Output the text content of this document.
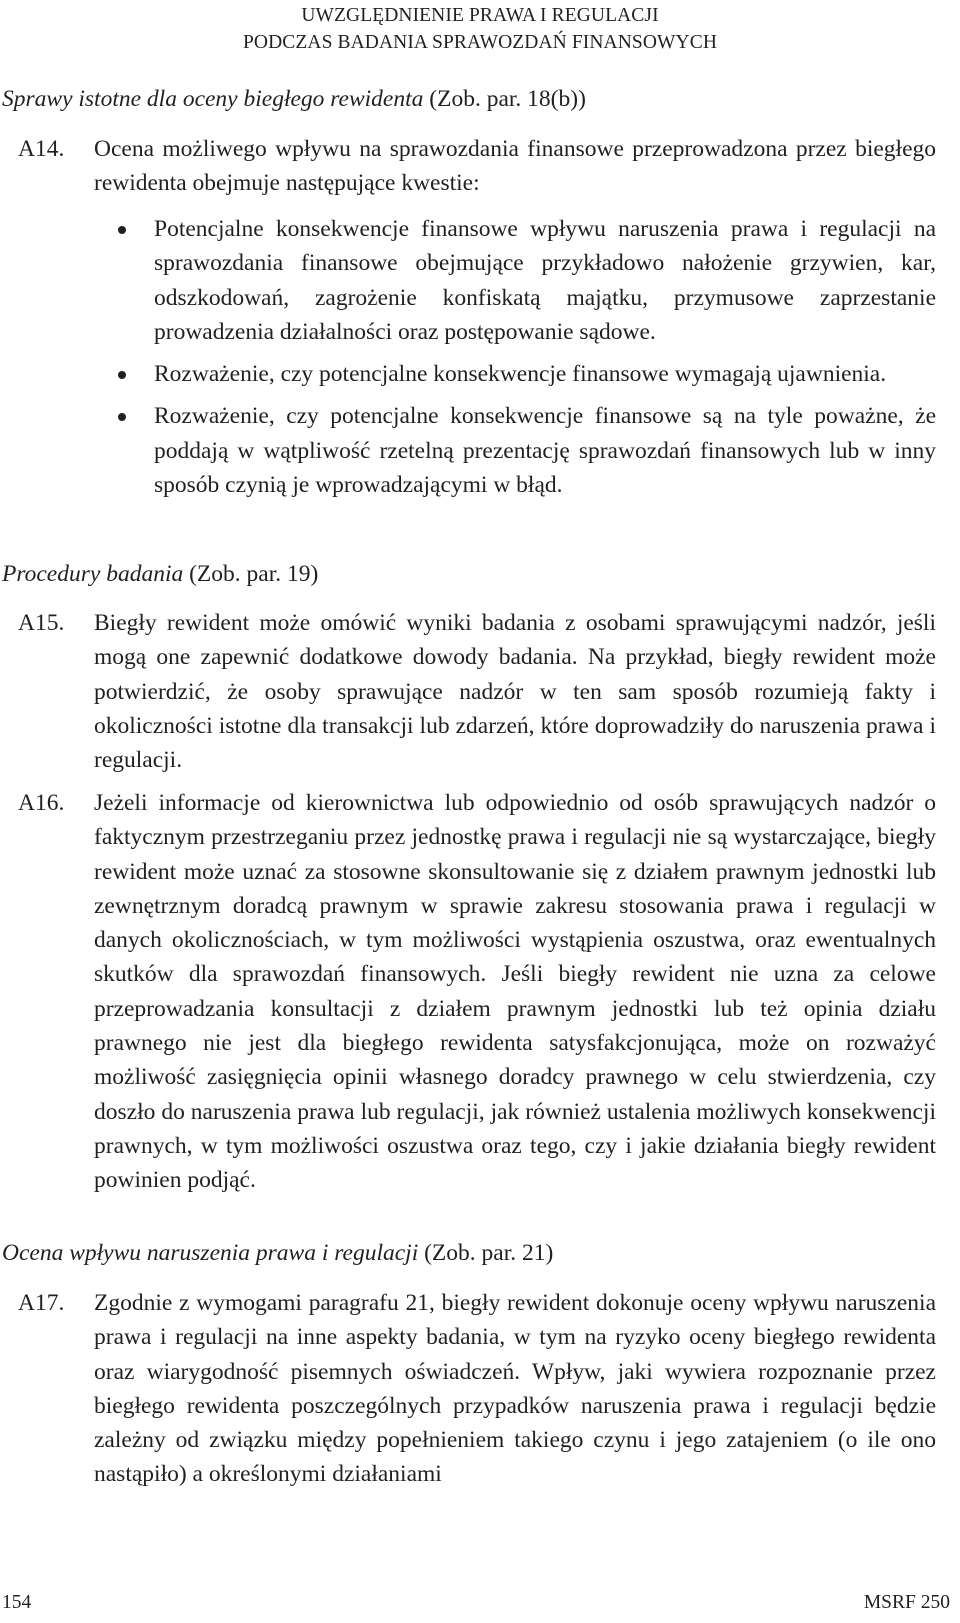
UWZGLĘDNIENIE PRAWA I REGULACJI
PODCZAS BADANIA SPRAWOZDAŃ FINANSOWYCH
Sprawy istotne dla oceny biegłego rewidenta (Zob. par. 18(b))
A14. Ocena możliwego wpływu na sprawozdania finansowe przeprowadzona przez biegłego rewidenta obejmuje następujące kwestie:
Potencjalne konsekwencje finansowe wpływu naruszenia prawa i regulacji na sprawozdania finansowe obejmujące przykładowo nałożenie grzywien, kar, odszkodowań, zagrożenie konfiskatą majątku, przymusowe zaprzestanie prowadzenia działalności oraz postępowanie sądowe.
Rozważenie, czy potencjalne konsekwencje finansowe wymagają ujawnienia.
Rozważenie, czy potencjalne konsekwencje finansowe są na tyle poważne, że poddają w wątpliwość rzetelną prezentację sprawozdań finansowych lub w inny sposób czynią je wprowadzającymi w błąd.
Procedury badania (Zob. par. 19)
A15. Biegły rewident może omówić wyniki badania z osobami sprawującymi nadzór, jeśli mogą one zapewnić dodatkowe dowody badania. Na przykład, biegły rewident może potwierdzić, że osoby sprawujące nadzór w ten sam sposób rozumieją fakty i okoliczności istotne dla transakcji lub zdarzeń, które doprowadziły do naruszenia prawa i regulacji.
A16. Jeżeli informacje od kierownictwa lub odpowiednio od osób sprawujących nadzór o faktycznym przestrzeganiu przez jednostkę prawa i regulacji nie są wystarczające, biegły rewident może uznać za stosowne skonsultowanie się z działem prawnym jednostki lub zewnętrznym doradcą prawnym w sprawie zakresu stosowania prawa i regulacji w danych okolicznościach, w tym możliwości wystąpienia oszustwa, oraz ewentualnych skutków dla sprawozdań finansowych. Jeśli biegły rewident nie uzna za celowe przeprowadzania konsultacji z działem prawnym jednostki lub też opinia działu prawnego nie jest dla biegłego rewidenta satysfakcjonująca, może on rozważyć możliwość zasięgnięcia opinii własnego doradcy prawnego w celu stwierdzenia, czy doszło do naruszenia prawa lub regulacji, jak również ustalenia możliwych konsekwencji prawnych, w tym możliwości oszustwa oraz tego, czy i jakie działania biegły rewident powinien podjąć.
Ocena wpływu naruszenia prawa i regulacji (Zob. par. 21)
A17. Zgodnie z wymogami paragrafu 21, biegły rewident dokonuje oceny wpływu naruszenia prawa i regulacji na inne aspekty badania, w tym na ryzyko oceny biegłego rewidenta oraz wiarygodność pisemnych oświadczeń. Wpływ, jaki wywiera rozpoznanie przez biegłego rewidenta poszczególnych przypadków naruszenia prawa i regulacji będzie zależny od związku między popełnieniem takiego czynu i jego zatajeniem (o ile ono nastąpiło) a określonymi działaniami
154	MSRF 250
